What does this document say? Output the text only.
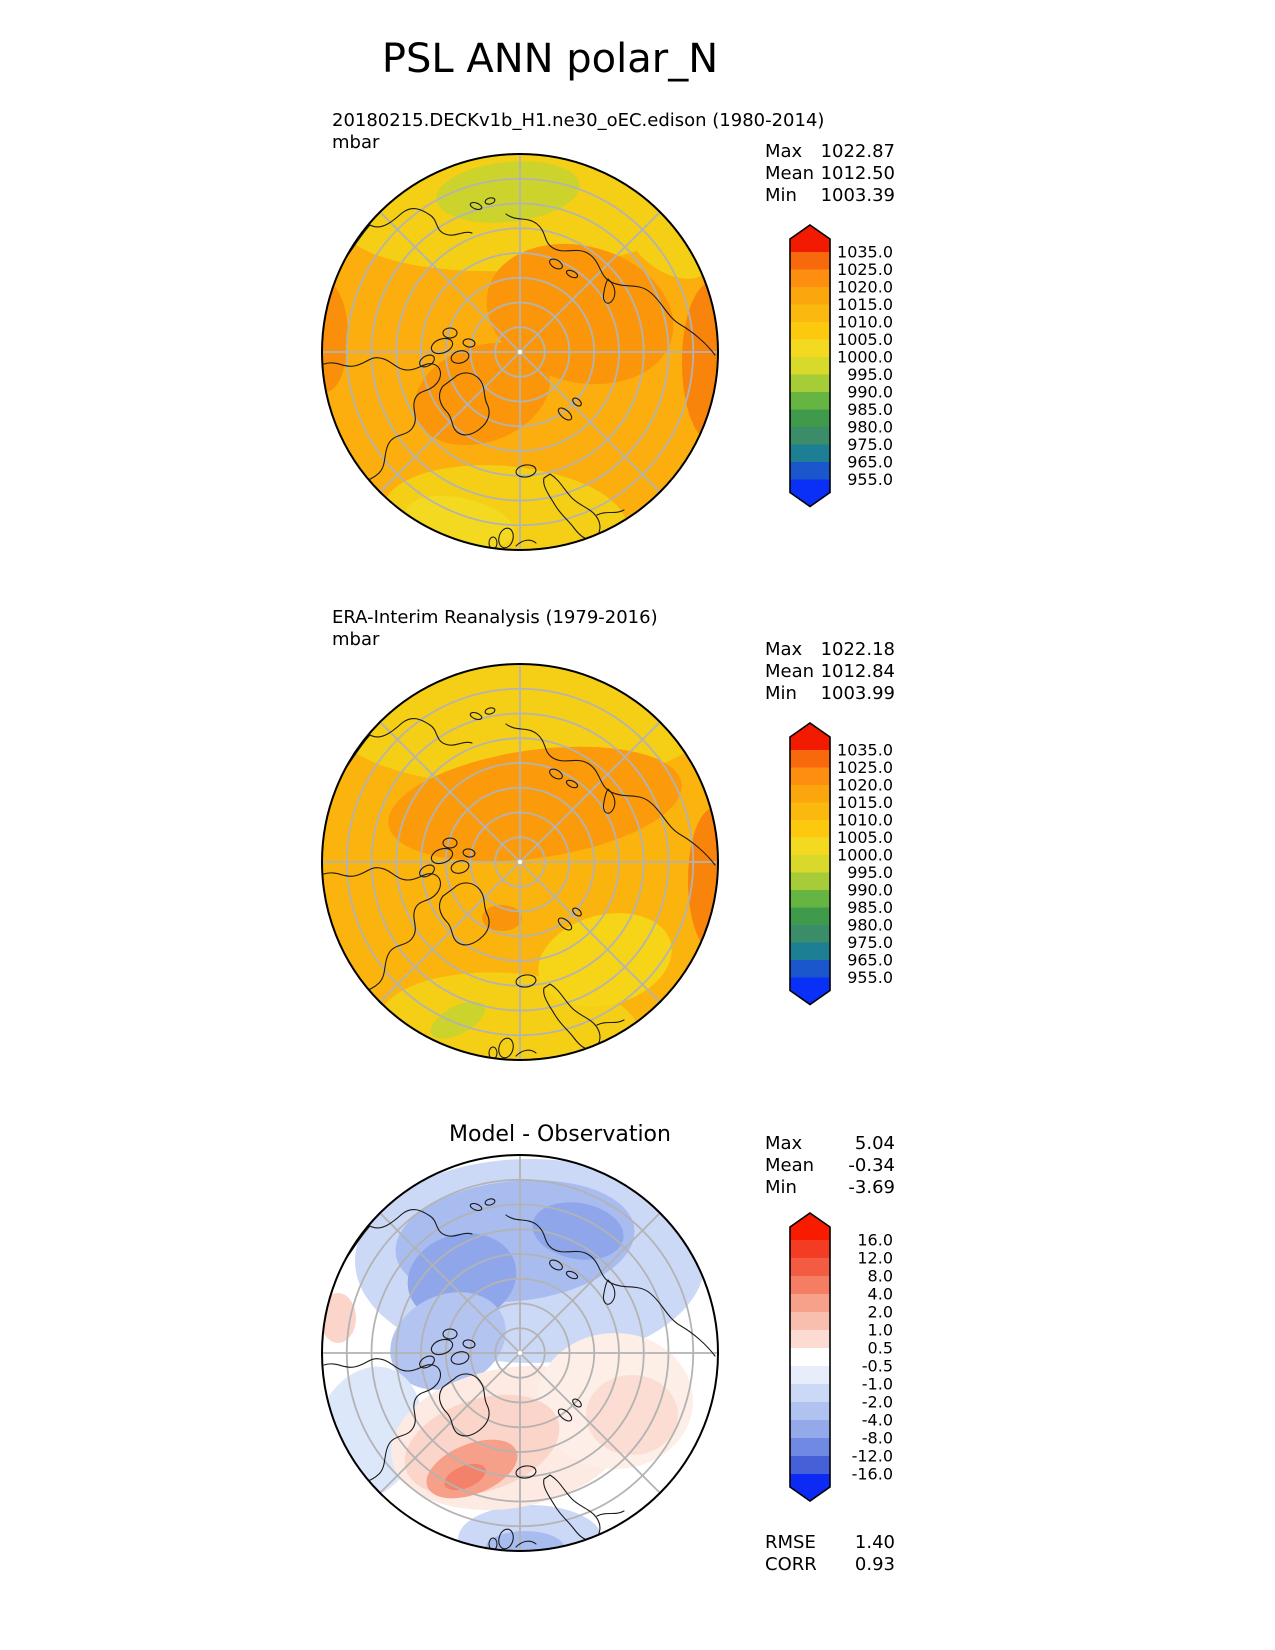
PSL ANN polar_N
20180215.DECKv1b_H1.ne30_oEC.edison (1980-2014)
mbar	Max 1022.87
Mean 1012.50
Min 1003.39
1035.0
1025.0
1020.0
1015.0
1010.0
1005.0
1000.0
995.0
990.0
985.0
980.0
975.0
965.0
955.0
ERA-Interim Reanalysis (1979-2016)
mbar	Max 1022.18
Mean 1012.84
Min 1003.99
1035.0
1025.0
1020.0
1015.0
1010.0
1005.0
1000.0
995.0
990.0
985.0
980.0
975.0
965.0
955.0
Model - Observation	Max	5.04
Mean -0.34
Min	-3.69
16.0
12.0
8.0
4.0
2.0
1.0
0.5
-0.5
-1.0
-2.0
-4.0
-8.0
-12.0
-16.0
RMSE 1.40
CORR 0.93
